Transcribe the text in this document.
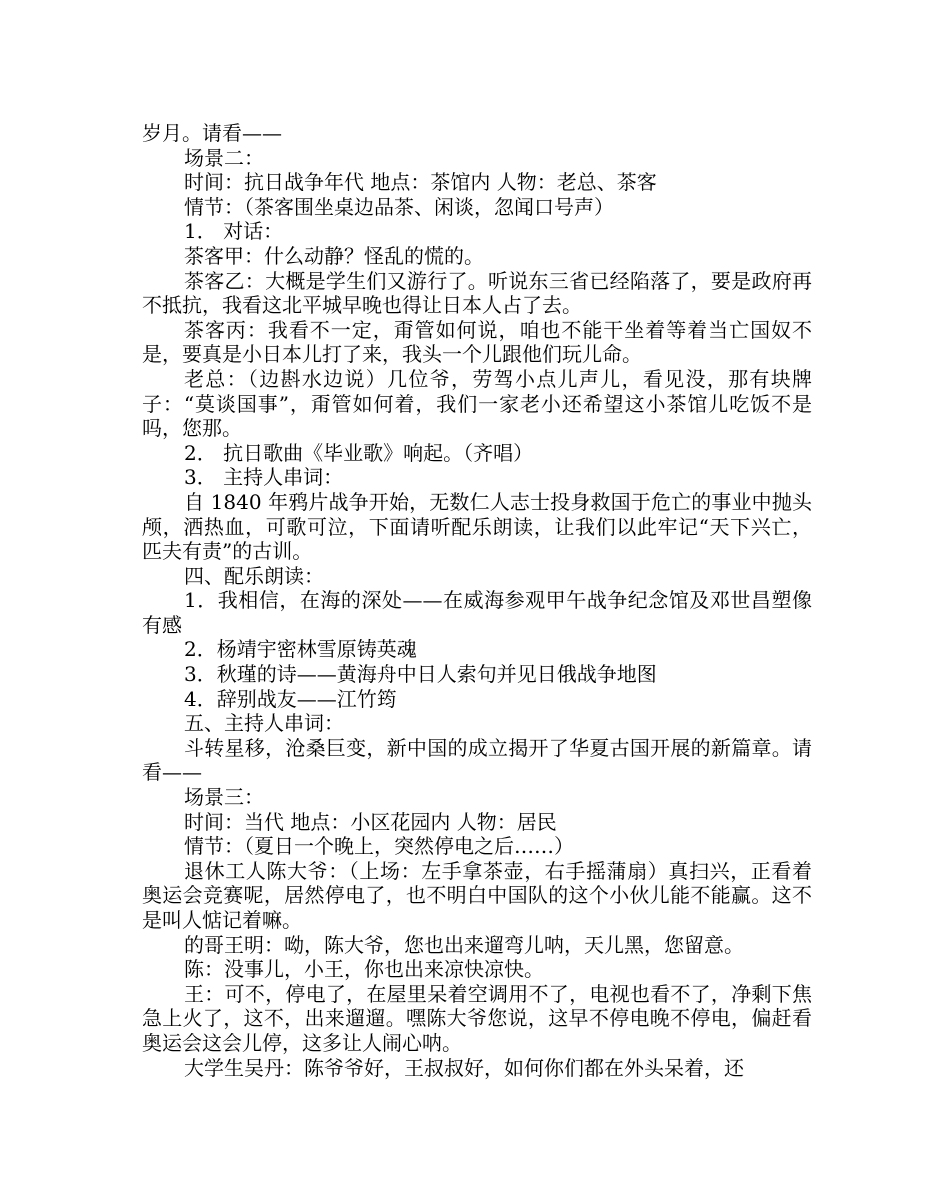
岁月。请看——

场景二：

时间：抗日战争年代 地点：茶馆内 人物：老总、茶客

情节：（茶客围坐桌边品茶、闲谈，忽闻口号声）

1． 对话：

茶客甲：什么动静？怪乱的慌的。

茶客乙：大概是学生们又游行了。听说东三省已经陷落了，要是政府再不抵抗，我看这北平城早晚也得让日本人占了去。

茶客丙：我看不一定，甭管如何说，咱也不能干坐着等着当亡国奴不是，要真是小日本儿打了来，我头一个儿跟他们玩儿命。

老总：（边斟水边说）几位爷，劳驾小点儿声儿，看见没，那有块牌子：“莫谈国事”，甭管如何着，我们一家老小还希望这小茶馆儿吃饭不是吗，您那。

2． 抗日歌曲《毕业歌》响起。（齐唱）

3． 主持人串词：

自 1840 年鸦片战争开始，无数仁人志士投身救国于危亡的事业中抛头颅，洒热血，可歌可泣，下面请听配乐朗读，让我们以此牢记“天下兴亡，匹夫有责”的古训。

四、配乐朗读：

1．我相信，在海的深处——在威海参观甲午战争纪念馆及邓世昌塑像有感

2．杨靖宇密林雪原铸英魂

3．秋瑾的诗——黄海舟中日人索句并见日俄战争地图

4．辞别战友——江竹筠

五、主持人串词：

斗转星移，沧桑巨变，新中国的成立揭开了华夏古国开展的新篇章。请看——

场景三：

时间：当代 地点：小区花园内 人物：居民

情节：（夏日一个晚上，突然停电之后……）

退休工人陈大爷：（上场：左手拿茶壶，右手摇蒲扇）真扫兴，正看着奥运会竞赛呢，居然停电了，也不明白中国队的这个小伙儿能不能赢。这不是叫人惦记着嘛。

的哥王明：呦，陈大爷，您也出来遛弯儿呐，天儿黑，您留意。

陈：没事儿，小王，你也出来凉快凉快。

王：可不，停电了，在屋里呆着空调用不了，电视也看不了，净剩下焦急上火了，这不，出来遛遛。嘿陈大爷您说，这早不停电晚不停电，偏赶看奥运会这会儿停，这多让人闹心呐。

大学生吴丹：陈爷爷好，王叔叔好，如何你们都在外头呆着，还
